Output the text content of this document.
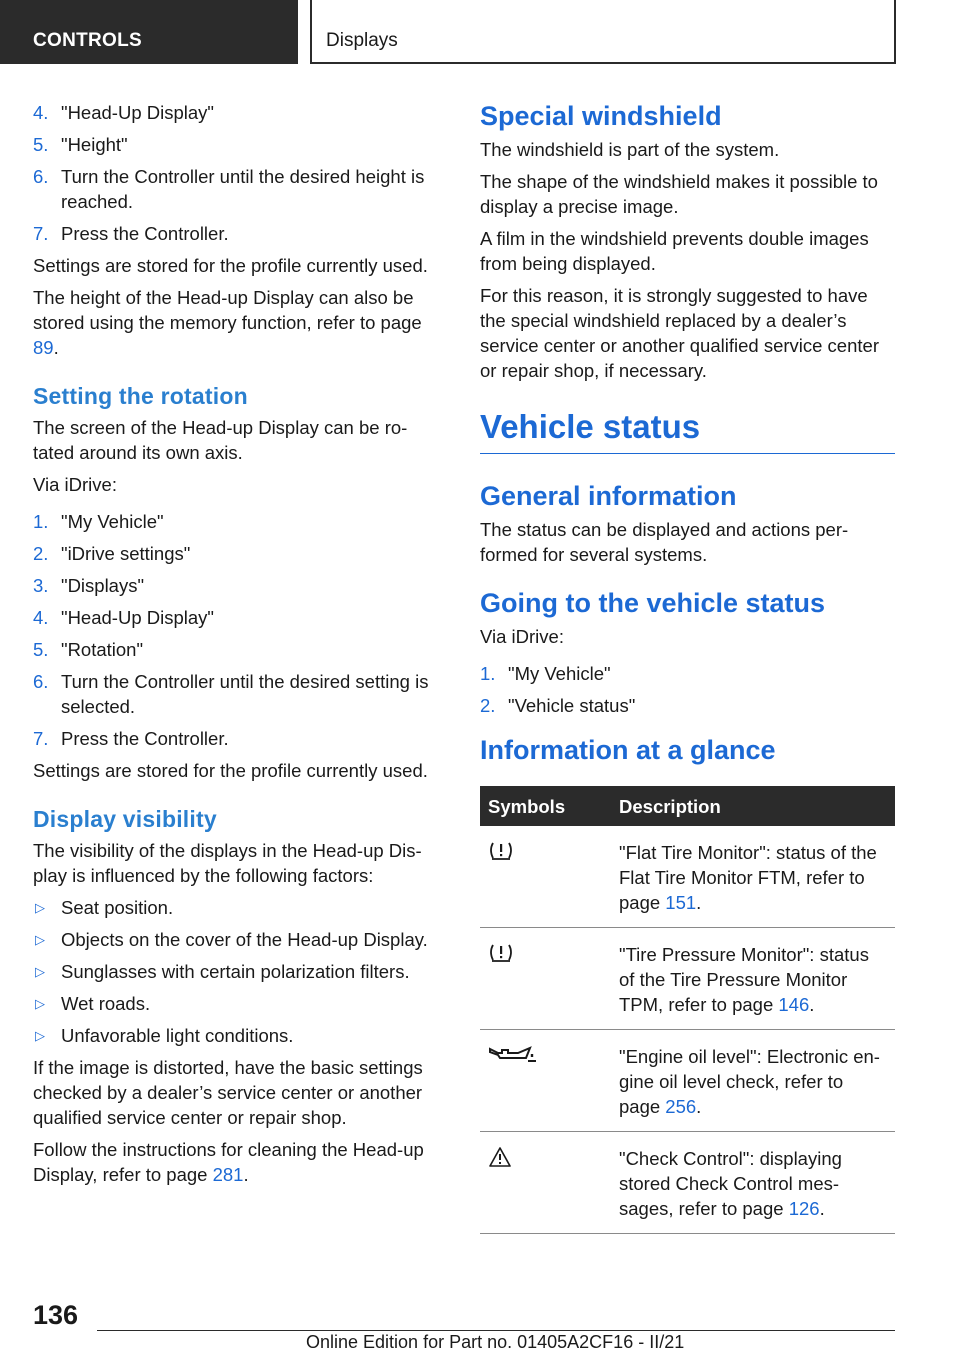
CONTROLS	Displays
4. "Head-Up Display"
5. "Height"
6. Turn the Controller until the desired height is reached.
7. Press the Controller.

Settings are stored for the profile currently used.

The height of the Head-up Display can also be stored using the memory function, refer to page 89.

Setting the rotation

The screen of the Head-up Display can be ro‐tated around its own axis.

Via iDrive:

1. "My Vehicle"
2. "iDrive settings"
3. "Displays"
4. "Head-Up Display"
5. "Rotation"
6. Turn the Controller until the desired setting is selected.
7. Press the Controller.

Settings are stored for the profile currently used.

Display visibility

The visibility of the displays in the Head-up Dis‐play is influenced by the following factors:

▷ Seat position.
▷ Objects on the cover of the Head-up Display.
▷ Sunglasses with certain polarization filters.
▷ Wet roads.
▷ Unfavorable light conditions.

If the image is distorted, have the basic settings checked by a dealer’s service center or another qualified service center or repair shop.

Follow the instructions for cleaning the Head-up Display, refer to page 281.

Special windshield

The windshield is part of the system.

The shape of the windshield makes it possible to display a precise image.

A film in the windshield prevents double images from being displayed.

For this reason, it is strongly suggested to have the special windshield replaced by a dealer’s service center or another qualified service center or repair shop, if necessary.

Vehicle status
General information

The status can be displayed and actions per‐formed for several systems.

Going to the vehicle status

Via iDrive:

1. "My Vehicle"
2. "Vehicle status"
Information at a glance
Symbols	Description
	"Flat Tire Monitor": status of the Flat Tire Monitor FTM, refer to page 151.
	"Tire Pressure Monitor": status of the Tire Pressure Monitor TPM, refer to page 146.
	"Engine oil level": Electronic en‐gine oil level check, refer to page 256.
	"Check Control": displaying stored Check Control mes‐sages, refer to page 126.
136
Online Edition for Part no. 01405A2CF16 - II/21
